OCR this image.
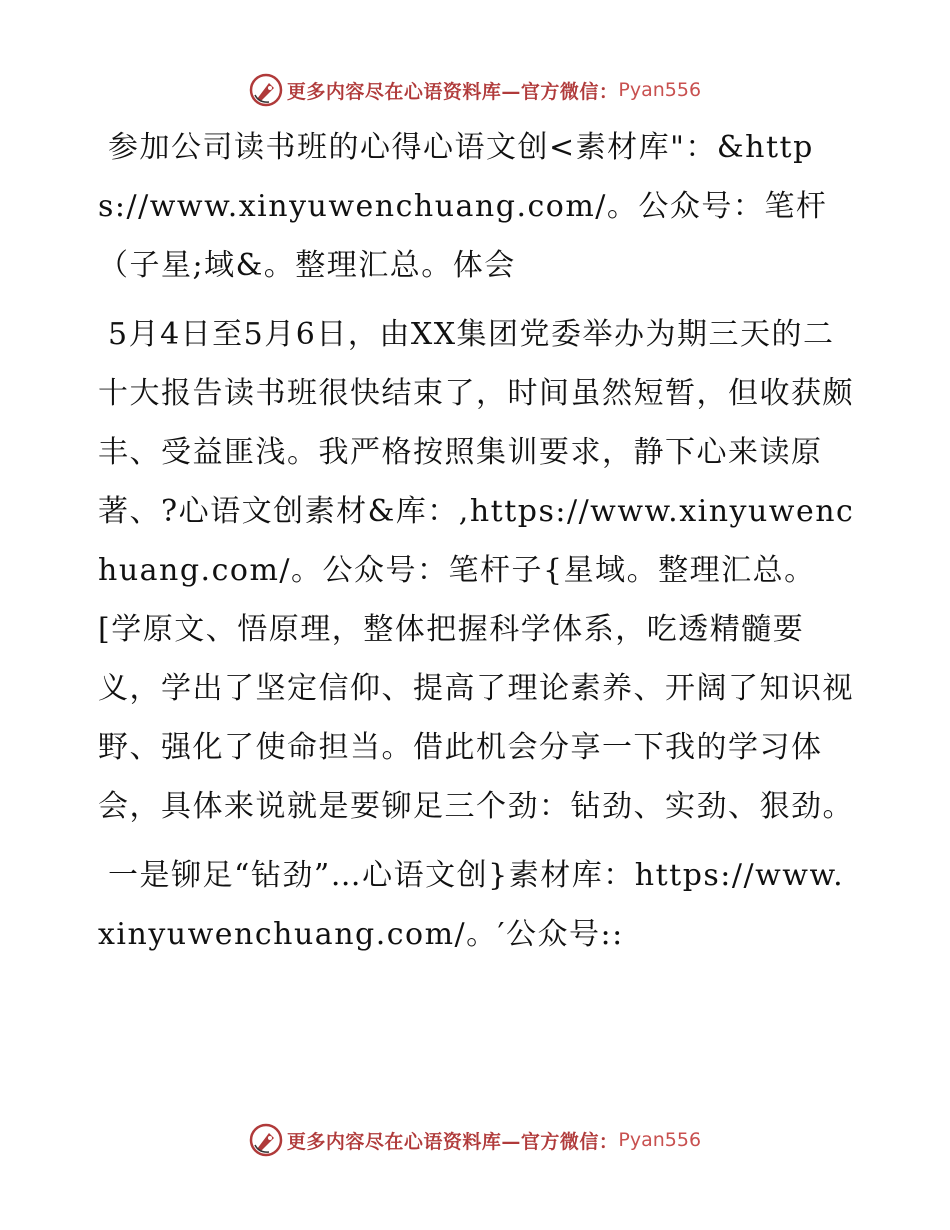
更多内容尽在心语资料库—官方微信： Pyan556

参加公司读书班的心得心语文创<素材库"：&https://www.xinyuwenchuang.com/。公众号：笔杆（子星;域&。整理汇总。体会

5月4日至5月6日，由XX集团党委举办为期三天的二十大报告读书班很快结束了，时间虽然短暂，但收获颇丰、受益匪浅。我严格按照集训要求，静下心来读原著、?心语文创素材&库：,https://www.xinyuwenchuang.com/。公众号：笔杆子{星域。整理汇总。[学原文、悟原理，整体把握科学体系，吃透精髓要义，学出了坚定信仰、提高了理论素养、开阔了知识视野、强化了使命担当。借此机会分享一下我的学习体会，具体来说就是要铆足三个劲：钻劲、实劲、狠劲。

一是铆足“钻劲”…心语文创}素材库：https://www.xinyuwenchuang.com/。′公众号::

更多内容尽在心语资料库—官方微信： Pyan556
